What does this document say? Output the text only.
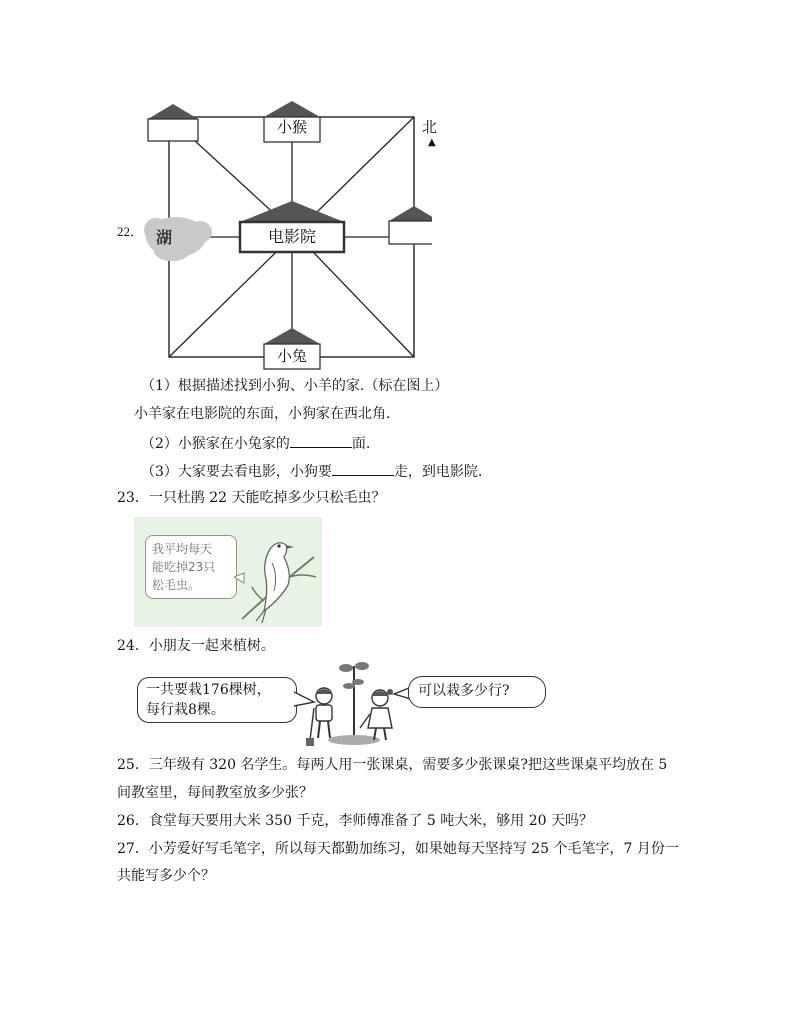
22．
小猴
电影院
湖
小兔
北
▲
（1）根据描述找到小狗、小羊的家.（标在图上）
小羊家在电影院的东面，小狗家在西北角.
（2）小猴家在小兔家的	面.
（3）大家要去看电影，小狗要	走，到电影院.
23．一只杜鹃 22 天能吃掉多少只松毛虫？
我平均每天
能吃掉23只
松毛虫。
24．小朋友一起来植树。
一共要栽176棵树，
每行栽8棵。
可以栽多少行?
25．三年级有 320 名学生。每两人用一张课桌，需要多少张课桌?把这些课桌平均放在 5
间教室里，每间教室放多少张？
26．食堂每天要用大米 350 千克，李师傅准备了 5 吨大米，够用 20 天吗？
27．小芳爱好写毛笔字，所以每天都勤加练习，如果她每天坚持写 25 个毛笔字，7 月份一
共能写多少个？
